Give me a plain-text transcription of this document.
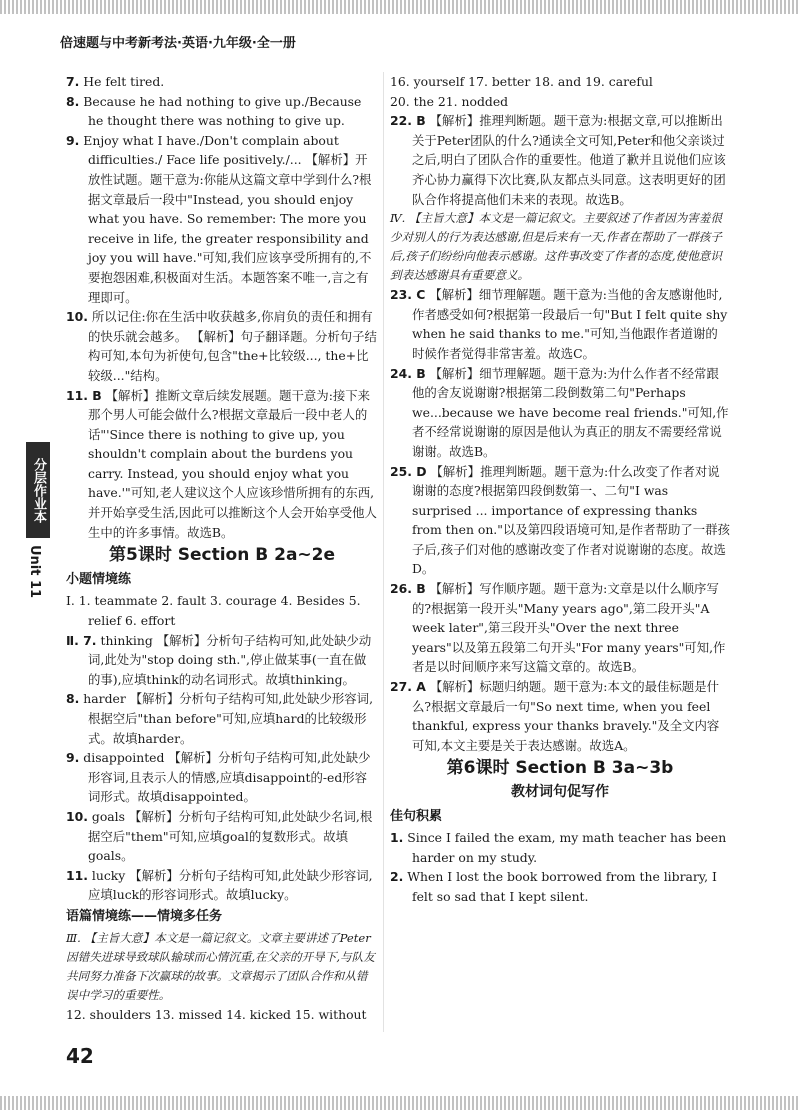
倍速题与中考新考法·英语·九年级·全一册
分层作业本
Unit 11

7. He felt tired.

8. Because he had nothing to give up./Because he thought there was nothing to give up.

9. Enjoy what I have./Don't complain about difficulties./ Face life positively./... 【解析】开放性试题。题干意为:你能从这篇文章中学到什么?根据文章最后一段中"Instead, you should enjoy what you have. So remember: The more you receive in life, the greater responsibility and joy you will have."可知,我们应该享受所拥有的,不要抱怨困难,积极面对生活。本题答案不唯一,言之有理即可。

10. 所以记住:你在生活中收获越多,你肩负的责任和拥有的快乐就会越多。 【解析】句子翻译题。分析句子结构可知,本句为祈使句,包含"the+比较级..., the+比较级..."结构。

11. B 【解析】推断文章后续发展题。题干意为:接下来那个男人可能会做什么?根据文章最后一段中老人的话"'Since there is nothing to give up, you shouldn't complain about the burdens you carry. Instead, you should enjoy what you have.'"可知,老人建议这个人应该珍惜所拥有的东西,并开始享受生活,因此可以推断这个人会开始享受他人生中的许多事情。故选B。

第5课时 Section B 2a~2e
小题情境练

Ⅰ. 1. teammate 2. fault 3. courage 4. Besides 5. relief 6. effort

Ⅱ. 7. thinking 【解析】分析句子结构可知,此处缺少动词,此处为"stop doing sth.",停止做某事(一直在做的事),应填think的动名词形式。故填thinking。

8. harder 【解析】分析句子结构可知,此处缺少形容词,根据空后"than before"可知,应填hard的比较级形式。故填harder。

9. disappointed 【解析】分析句子结构可知,此处缺少形容词,且表示人的情感,应填disappoint的-ed形容词形式。故填disappointed。

10. goals 【解析】分析句子结构可知,此处缺少名词,根据空后"them"可知,应填goal的复数形式。故填goals。

11. lucky 【解析】分析句子结构可知,此处缺少形容词,应填luck的形容词形式。故填lucky。

语篇情境练——情境多任务

Ⅲ. 【主旨大意】本文是一篇记叙文。文章主要讲述了Peter因错失进球导致球队输球而心情沉重,在父亲的开导下,与队友共同努力准备下次赢球的故事。文章揭示了团队合作和从错误中学习的重要性。

12. shoulders 13. missed 14. kicked 15. without

16. yourself 17. better 18. and 19. careful

20. the 21. nodded

22. B 【解析】推理判断题。题干意为:根据文章,可以推断出关于Peter团队的什么?通读全文可知,Peter和他父亲谈过之后,明白了团队合作的重要性。他道了歉并且说他们应该齐心协力赢得下次比赛,队友都点头同意。这表明更好的团队合作将提高他们未来的表现。故选B。

Ⅳ. 【主旨大意】本文是一篇记叙文。主要叙述了作者因为害羞很少对别人的行为表达感谢,但是后来有一天,作者在帮助了一群孩子后,孩子们纷纷向他表示感谢。这件事改变了作者的态度,使他意识到表达感谢具有重要意义。

23. C 【解析】细节理解题。题干意为:当他的舍友感谢他时,作者感受如何?根据第一段最后一句"But I felt quite shy when he said thanks to me."可知,当他跟作者道谢的时候作者觉得非常害羞。故选C。

24. B 【解析】细节理解题。题干意为:为什么作者不经常跟他的舍友说谢谢?根据第二段倒数第二句"Perhaps we...because we have become real friends."可知,作者不经常说谢谢的原因是他认为真正的朋友不需要经常说谢谢。故选B。

25. D 【解析】推理判断题。题干意为:什么改变了作者对说谢谢的态度?根据第四段倒数第一、二句"I was surprised ... importance of expressing thanks from then on."以及第四段语境可知,是作者帮助了一群孩子后,孩子们对他的感谢改变了作者对说谢谢的态度。故选D。

26. B 【解析】写作顺序题。题干意为:文章是以什么顺序写的?根据第一段开头"Many years ago",第二段开头"A week later",第三段开头"Over the next three years"以及第五段第二句开头"For many years"可知,作者是以时间顺序来写这篇文章的。故选B。

27. A 【解析】标题归纳题。题干意为:本文的最佳标题是什么?根据文章最后一句"So next time, when you feel thankful, express your thanks bravely."及全文内容可知,本文主要是关于表达感谢。故选A。

第6课时 Section B 3a~3b
教材词句促写作
佳句积累

1. Since I failed the exam, my math teacher has been harder on my study.

2. When I lost the book borrowed from the library, I felt so sad that I kept silent.

42
